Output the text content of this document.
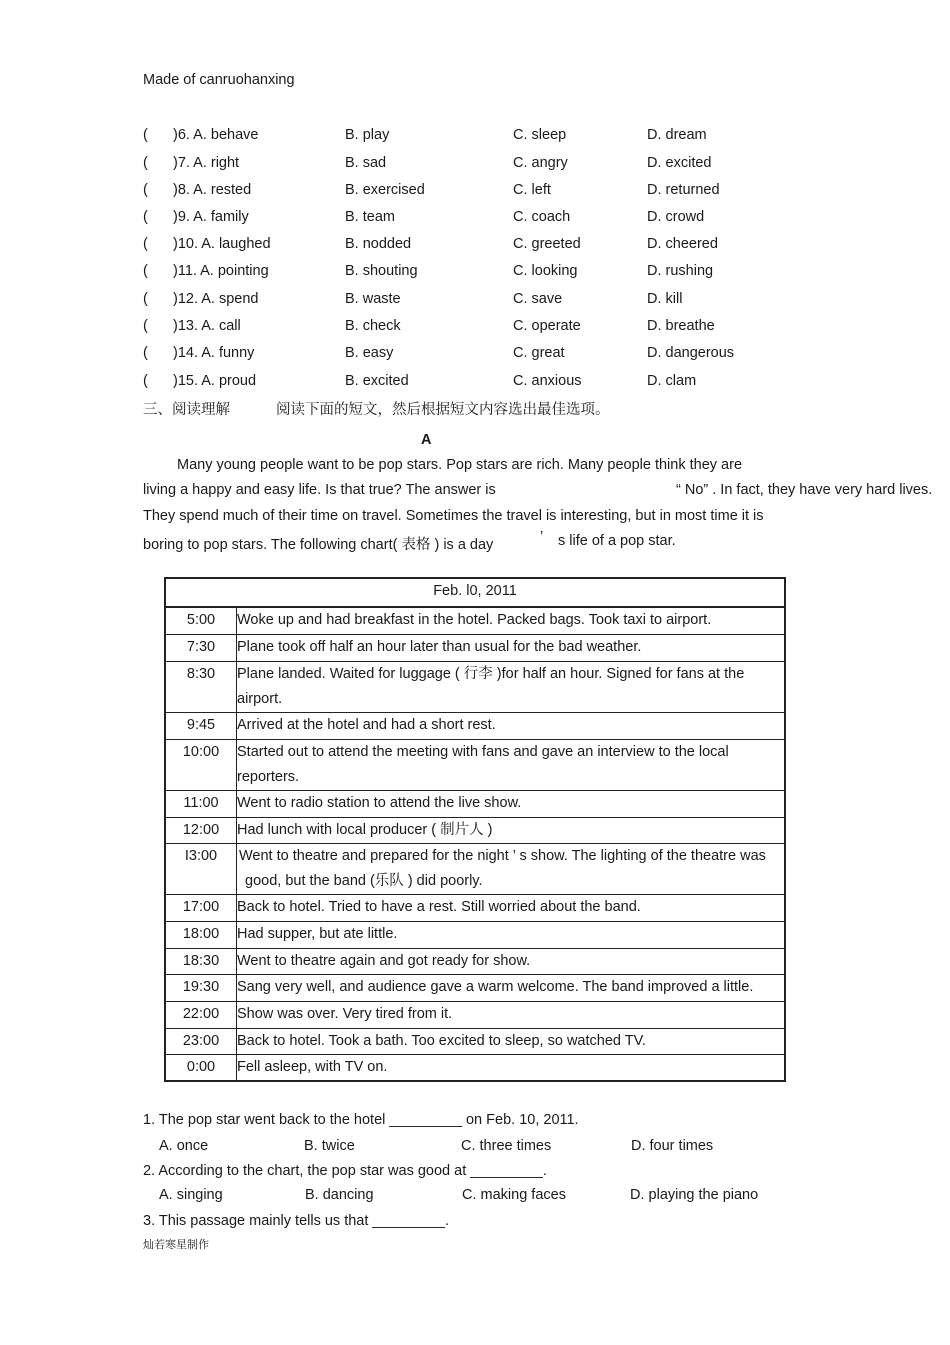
Made of canruohanxing
( )6. A. behave	B. play	C. sleep	D. dream
( )7. A. right	B. sad	C. angry	D. excited
( )8. A. rested	B. exercised	C. left	D. returned
( )9. A. family	B. team	C. coach	D. crowd
( )10. A. laughed	B. nodded	C. greeted	D. cheered
( )11. A. pointing	B. shouting	C. looking	D. rushing
( )12. A. spend	B. waste	C. save	D. kill
( )13. A. call	B. check	C. operate	D. breathe
( )14. A. funny	B. easy	C. great	D. dangerous
( )15. A. proud	B. excited	C. anxious	D. clam
三、阅读理解	阅读下面的短文，然后根据短文内容选出最佳选项。
A
Many young people want to be pop stars. Pop stars are rich. Many people think they are
living a happy and easy life. Is that true? The answer is	“ No” . In fact, they have very hard lives.
They spend much of their time on travel. Sometimes the travel is interesting, but in most time it is
boring to pop stars. The following chart( 表格 ) is a day	’ s life of a pop star.
Feb. l0, 2011	
5:00	Woke up and had breakfast in the hotel. Packed bags. Took taxi to airport.
7:30	Plane took off half an hour later than usual for the bad weather.
8:30	Plane landed. Waited for luggage ( 行李 )for half an hour. Signed for fans at the airport.
9:45	Arrived at the hotel and had a short rest.
10:00	Started out to attend the meeting with fans and gave an interview to the local reporters.
11:00	Went to radio station to attend the live show.
12:00	Had lunch with local producer ( 制片人 )
I3:00	Went to theatre and prepared for the night ’ s show. The lighting of the theatre was
good, but the band (乐队 ) did poorly.

17:00	Back to hotel. Tried to have a rest. Still worried about the band.
18:00	Had supper, but ate little.
18:30	Went to theatre again and got ready for show.
19:30	Sang very well, and audience gave a warm welcome. The band improved a little.
22:00	Show was over. Very tired from it.
23:00	Back to hotel. Took a bath. Too excited to sleep, so watched TV.
0:00	Fell asleep, with TV on.
1. The pop star went back to the hotel _________ on Feb. 10, 2011.
A. once	B. twice	C. three times	D. four times
2. According to the chart, the pop star was good at _________.
A. singing	B. dancing	C. making faces	D. playing the piano
3. This passage mainly tells us that _________.
灿若寒星制作
